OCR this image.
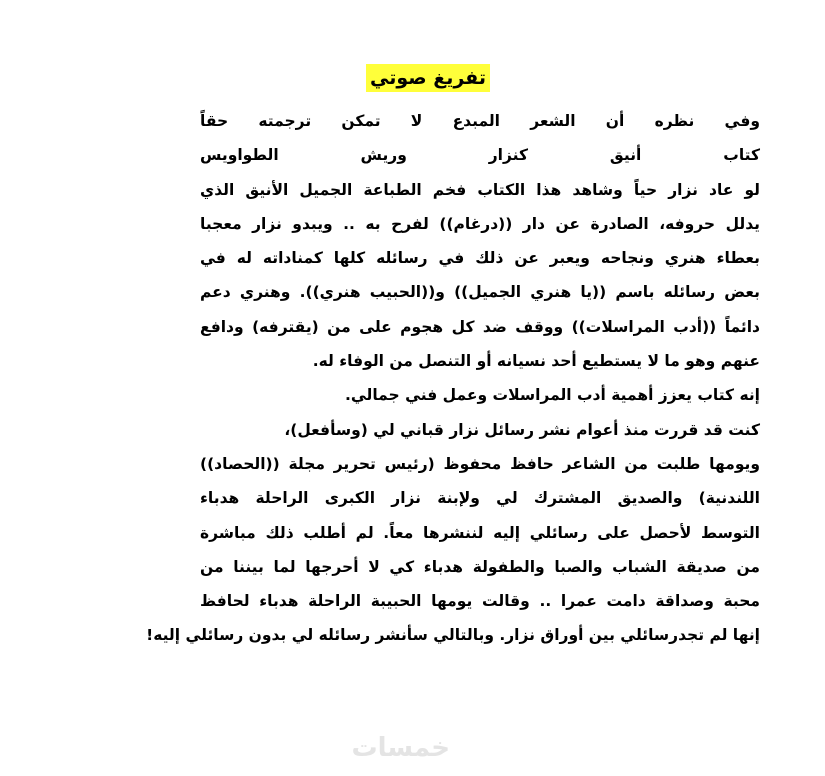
تفريغ صوتي
وفي نظره أن الشعر المبدع لا تمكن ترجمته حقاً
كتاب أنيق كنزار وريش الطواويس
لو عاد نزار حياً وشاهد هذا الكتاب فخم الطباعة الجميل الأنيق الذي
يدلل حروفه، الصادرة عن دار ((درغام)) لفرح به .. ويبدو نزار معجبا
بعطاء هنري ونجاحه ويعبر عن ذلك في رسائله كلها كمناداته له في
بعض رسائله باسم ((يا هنري الجميل)) و((الحبيب هنري)). وهنري دعم
دائماً ((أدب المراسلات)) ووقف ضد كل هجوم على من (يقترفه) ودافع
عنهم وهو ما لا يستطيع أحد نسيانه أو التنصل من الوفاء له.
إنه كتاب يعزز أهمية أدب المراسلات وعمل فني جمالي.
كنت قد قررت منذ أعوام نشر رسائل نزار قباني لي (وسأفعل)،
ويومها طلبت من الشاعر حافظ محفوظ (رئيس تحرير مجلة ((الحصاد))
اللندنية) والصديق المشترك لي ولإبنة نزار الكبرى الراحلة هدباء
التوسط لأحصل على رسائلي إليه لننشرها معاً. لم أطلب ذلك مباشرة
من صديقة الشباب والصبا والطفولة هدباء كي لا أحرجها لما بيننا من
محبة وصداقة دامت عمرا .. وقالت يومها الحبيبة الراحلة هدباء لحافظ
إنها لم تجدرسائلي بين أوراق نزار. وبالتالي سأنشر رسائله لي بدون رسائلي إليه!
خمسات
